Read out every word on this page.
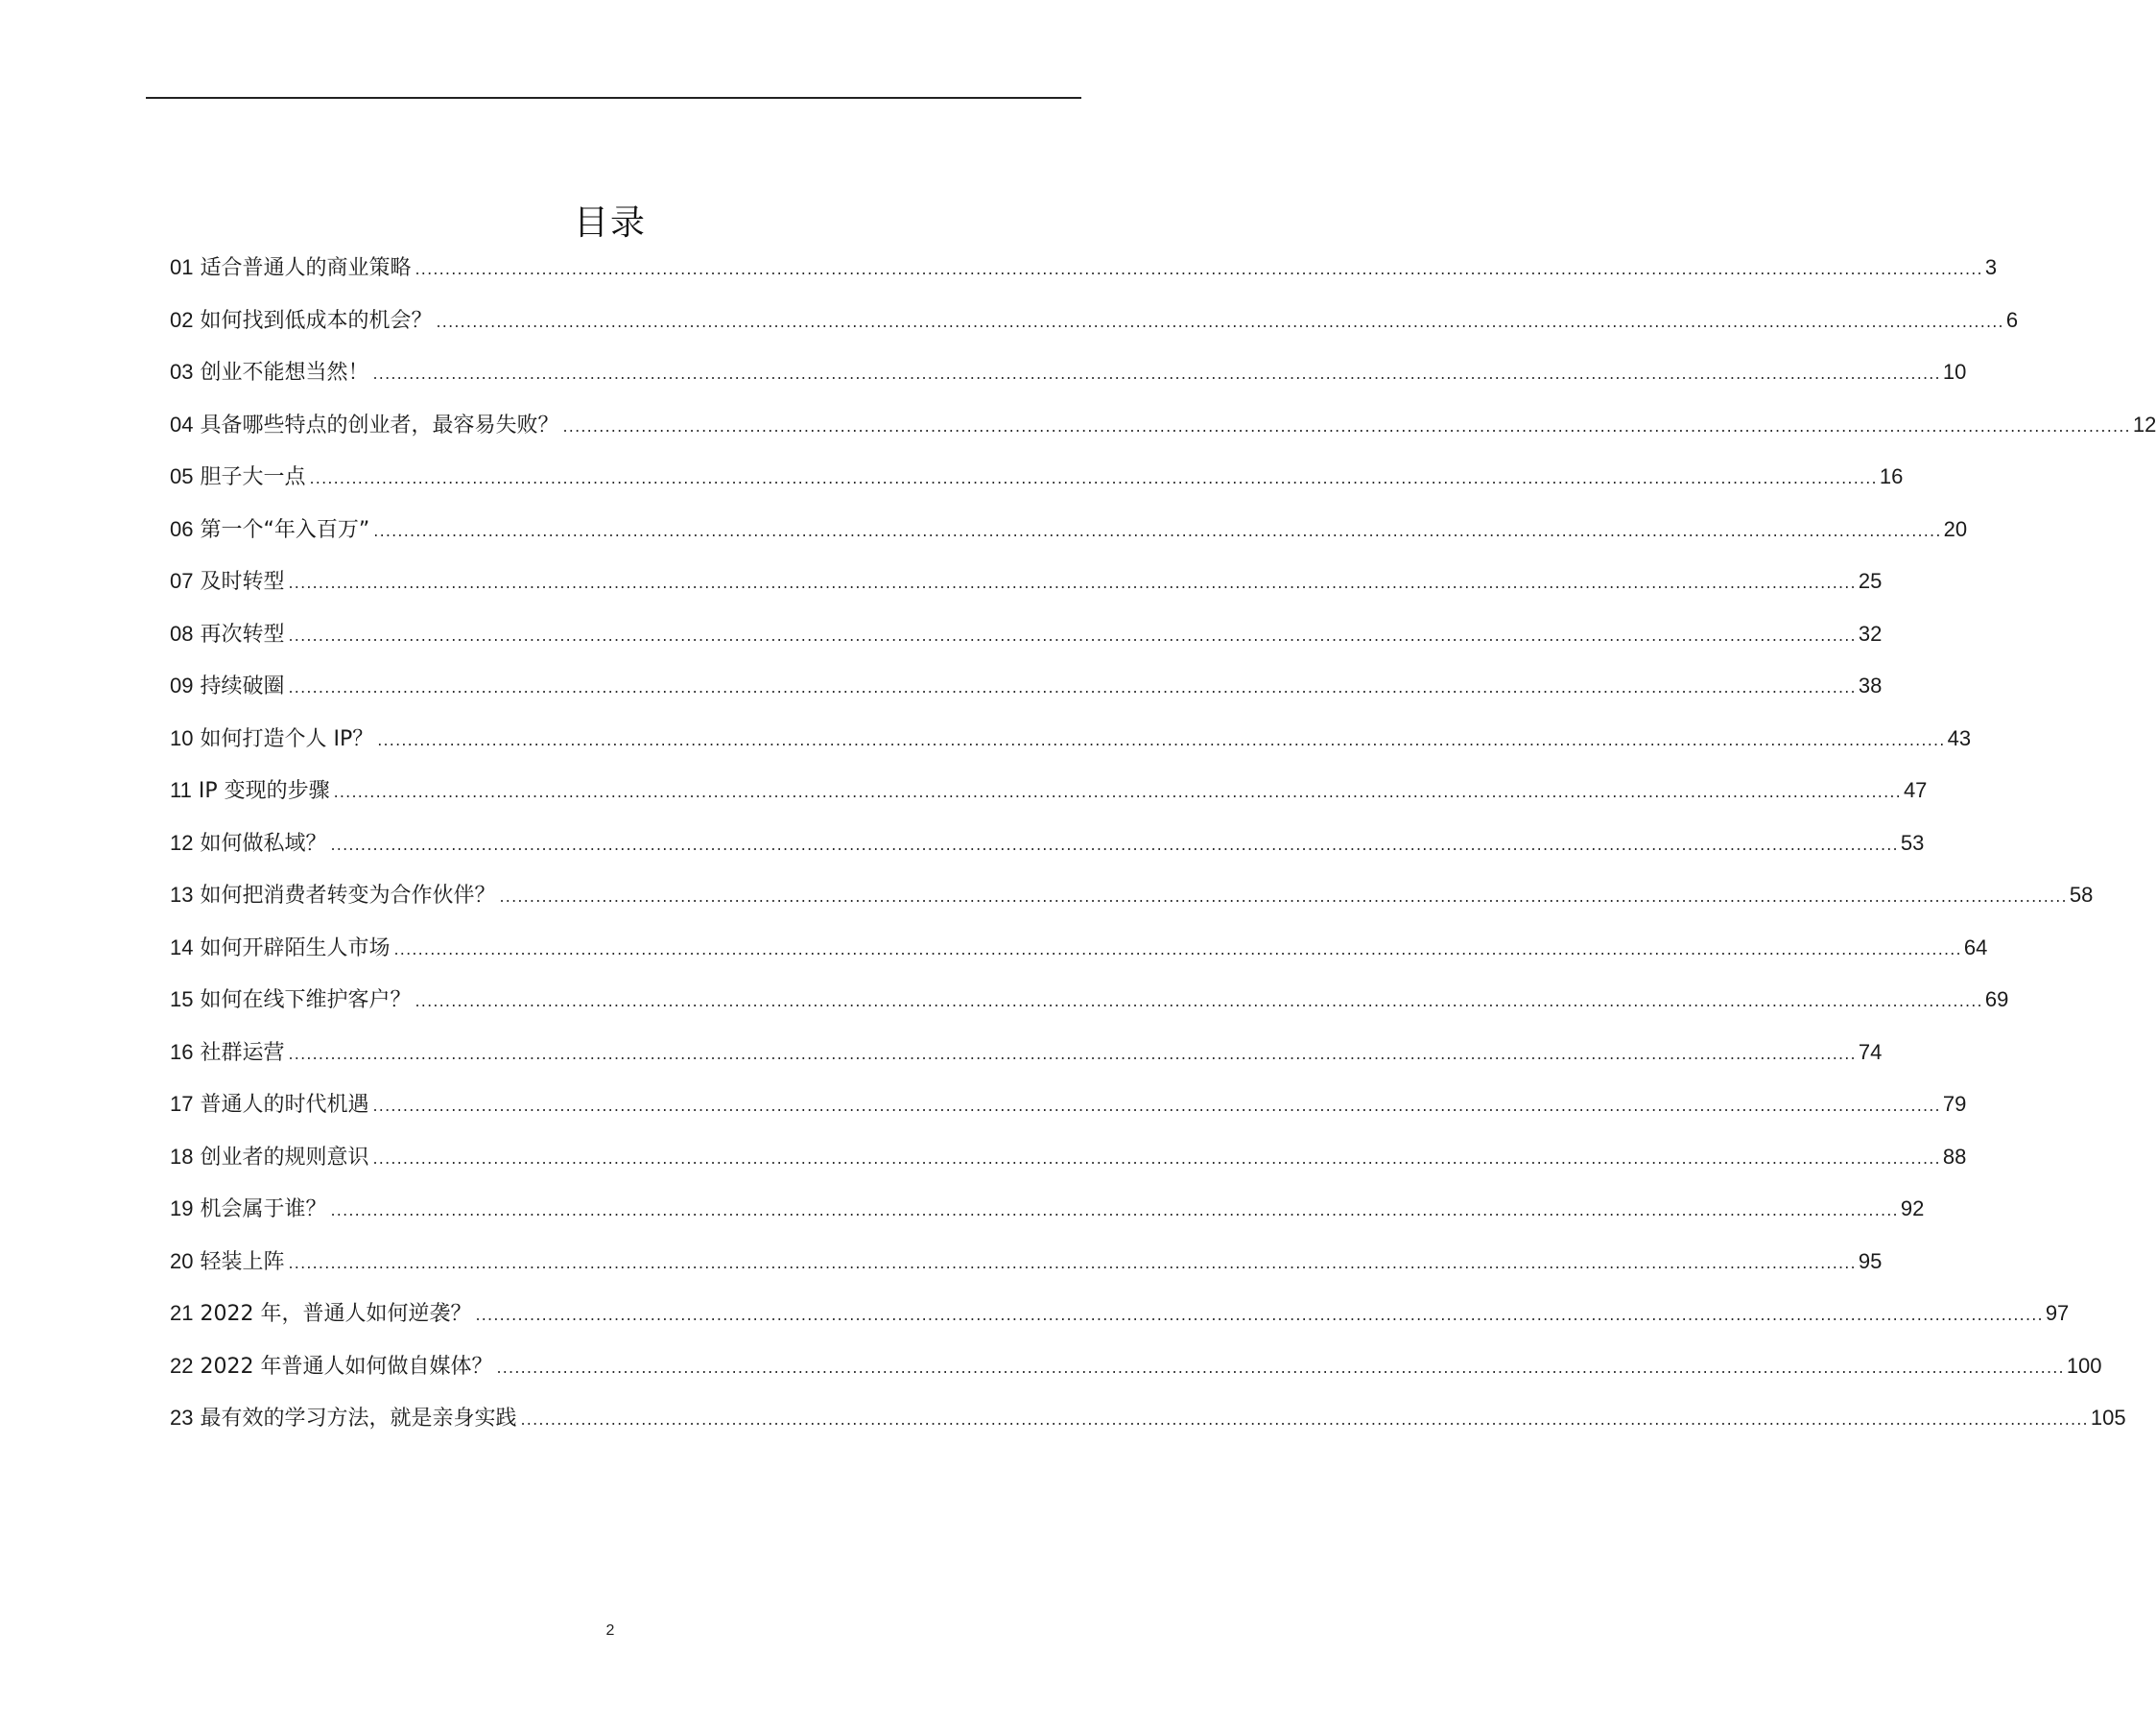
目录
01 适合普通人的商业策略 .................................................................................................................................................................................................................................................................... 3
02 如何找到低成本的机会？ .................................................................................................................................................................................................................................................................... 6
03 创业不能想当然！ .................................................................................................................................................................................................................................................................... 10
04 具备哪些特点的创业者，最容易失败？ .................................................................................................................................................................................................................................................................... 12
05 胆子大一点 .................................................................................................................................................................................................................................................................... 16
06 第一个“年入百万” .................................................................................................................................................................................................................................................................... 20
07 及时转型 .................................................................................................................................................................................................................................................................... 25
08 再次转型 .................................................................................................................................................................................................................................................................... 32
09 持续破圈 .................................................................................................................................................................................................................................................................... 38
10 如何打造个人 IP？ .................................................................................................................................................................................................................................................................... 43
11 IP 变现的步骤 .................................................................................................................................................................................................................................................................... 47
12 如何做私域？ .................................................................................................................................................................................................................................................................... 53
13 如何把消费者转变为合作伙伴？ .................................................................................................................................................................................................................................................................... 58
14 如何开辟陌生人市场 .................................................................................................................................................................................................................................................................... 64
15 如何在线下维护客户？ .................................................................................................................................................................................................................................................................... 69
16 社群运营 .................................................................................................................................................................................................................................................................... 74
17 普通人的时代机遇 .................................................................................................................................................................................................................................................................... 79
18 创业者的规则意识 .................................................................................................................................................................................................................................................................... 88
19 机会属于谁？ .................................................................................................................................................................................................................................................................... 92
20 轻装上阵 .................................................................................................................................................................................................................................................................... 95
21 2022 年，普通人如何逆袭？ .................................................................................................................................................................................................................................................................... 97
22 2022 年普通人如何做自媒体？ .................................................................................................................................................................................................................................................................... 100
23 最有效的学习方法，就是亲身实践 .................................................................................................................................................................................................................................................................... 105
2
